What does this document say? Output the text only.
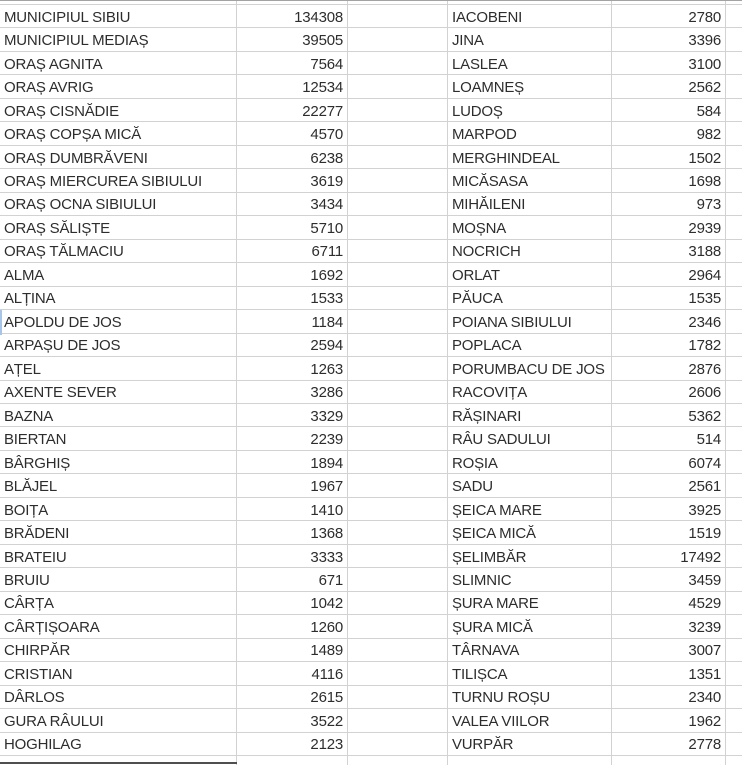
MUNICIPIUL SIBIU	134308	IACOBENI	2780
MUNICIPIUL MEDIAȘ	39505	JINA	3396
ORAȘ AGNITA	7564	LASLEA	3100
ORAȘ AVRIG	12534	LOAMNEȘ	2562
ORAȘ CISNĂDIE	22277	LUDOȘ	584
ORAȘ COPȘA MICĂ	4570	MARPOD	982
ORAȘ DUMBRĂVENI	6238	MERGHINDEAL	1502
ORAȘ MIERCUREA SIBIULUI	3619	MICĂSASA	1698
ORAȘ OCNA SIBIULUI	3434	MIHĂILENI	973
ORAȘ SĂLIȘTE	5710	MOȘNA	2939
ORAȘ TĂLMACIU	6711	NOCRICH	3188
ALMA	1692	ORLAT	2964
ALȚINA	1533	PĂUCA	1535
APOLDU DE JOS	1184	POIANA SIBIULUI	2346
ARPAȘU DE JOS	2594	POPLACA	1782
AȚEL	1263	PORUMBACU DE JOS	2876
AXENTE SEVER	3286	RACOVIȚA	2606
BAZNA	3329	RĂȘINARI	5362
BIERTAN	2239	RÂU SADULUI	514
BÂRGHIȘ	1894	ROȘIA	6074
BLĂJEL	1967	SADU	2561
BOIȚA	1410	ȘEICA MARE	3925
BRĂDENI	1368	ȘEICA MICĂ	1519
BRATEIU	3333	ȘELIMBĂR	17492
BRUIU	671	SLIMNIC	3459
CÂRȚA	1042	ȘURA MARE	4529
CÂRȚIȘOARA	1260	ȘURA MICĂ	3239
CHIRPĂR	1489	TÂRNAVA	3007
CRISTIAN	4116	TILIȘCA	1351
DÂRLOS	2615	TURNU ROȘU	2340
GURA RÂULUI	3522	VALEA VIILOR	1962
HOGHILAG	2123	VURPĂR	2778
